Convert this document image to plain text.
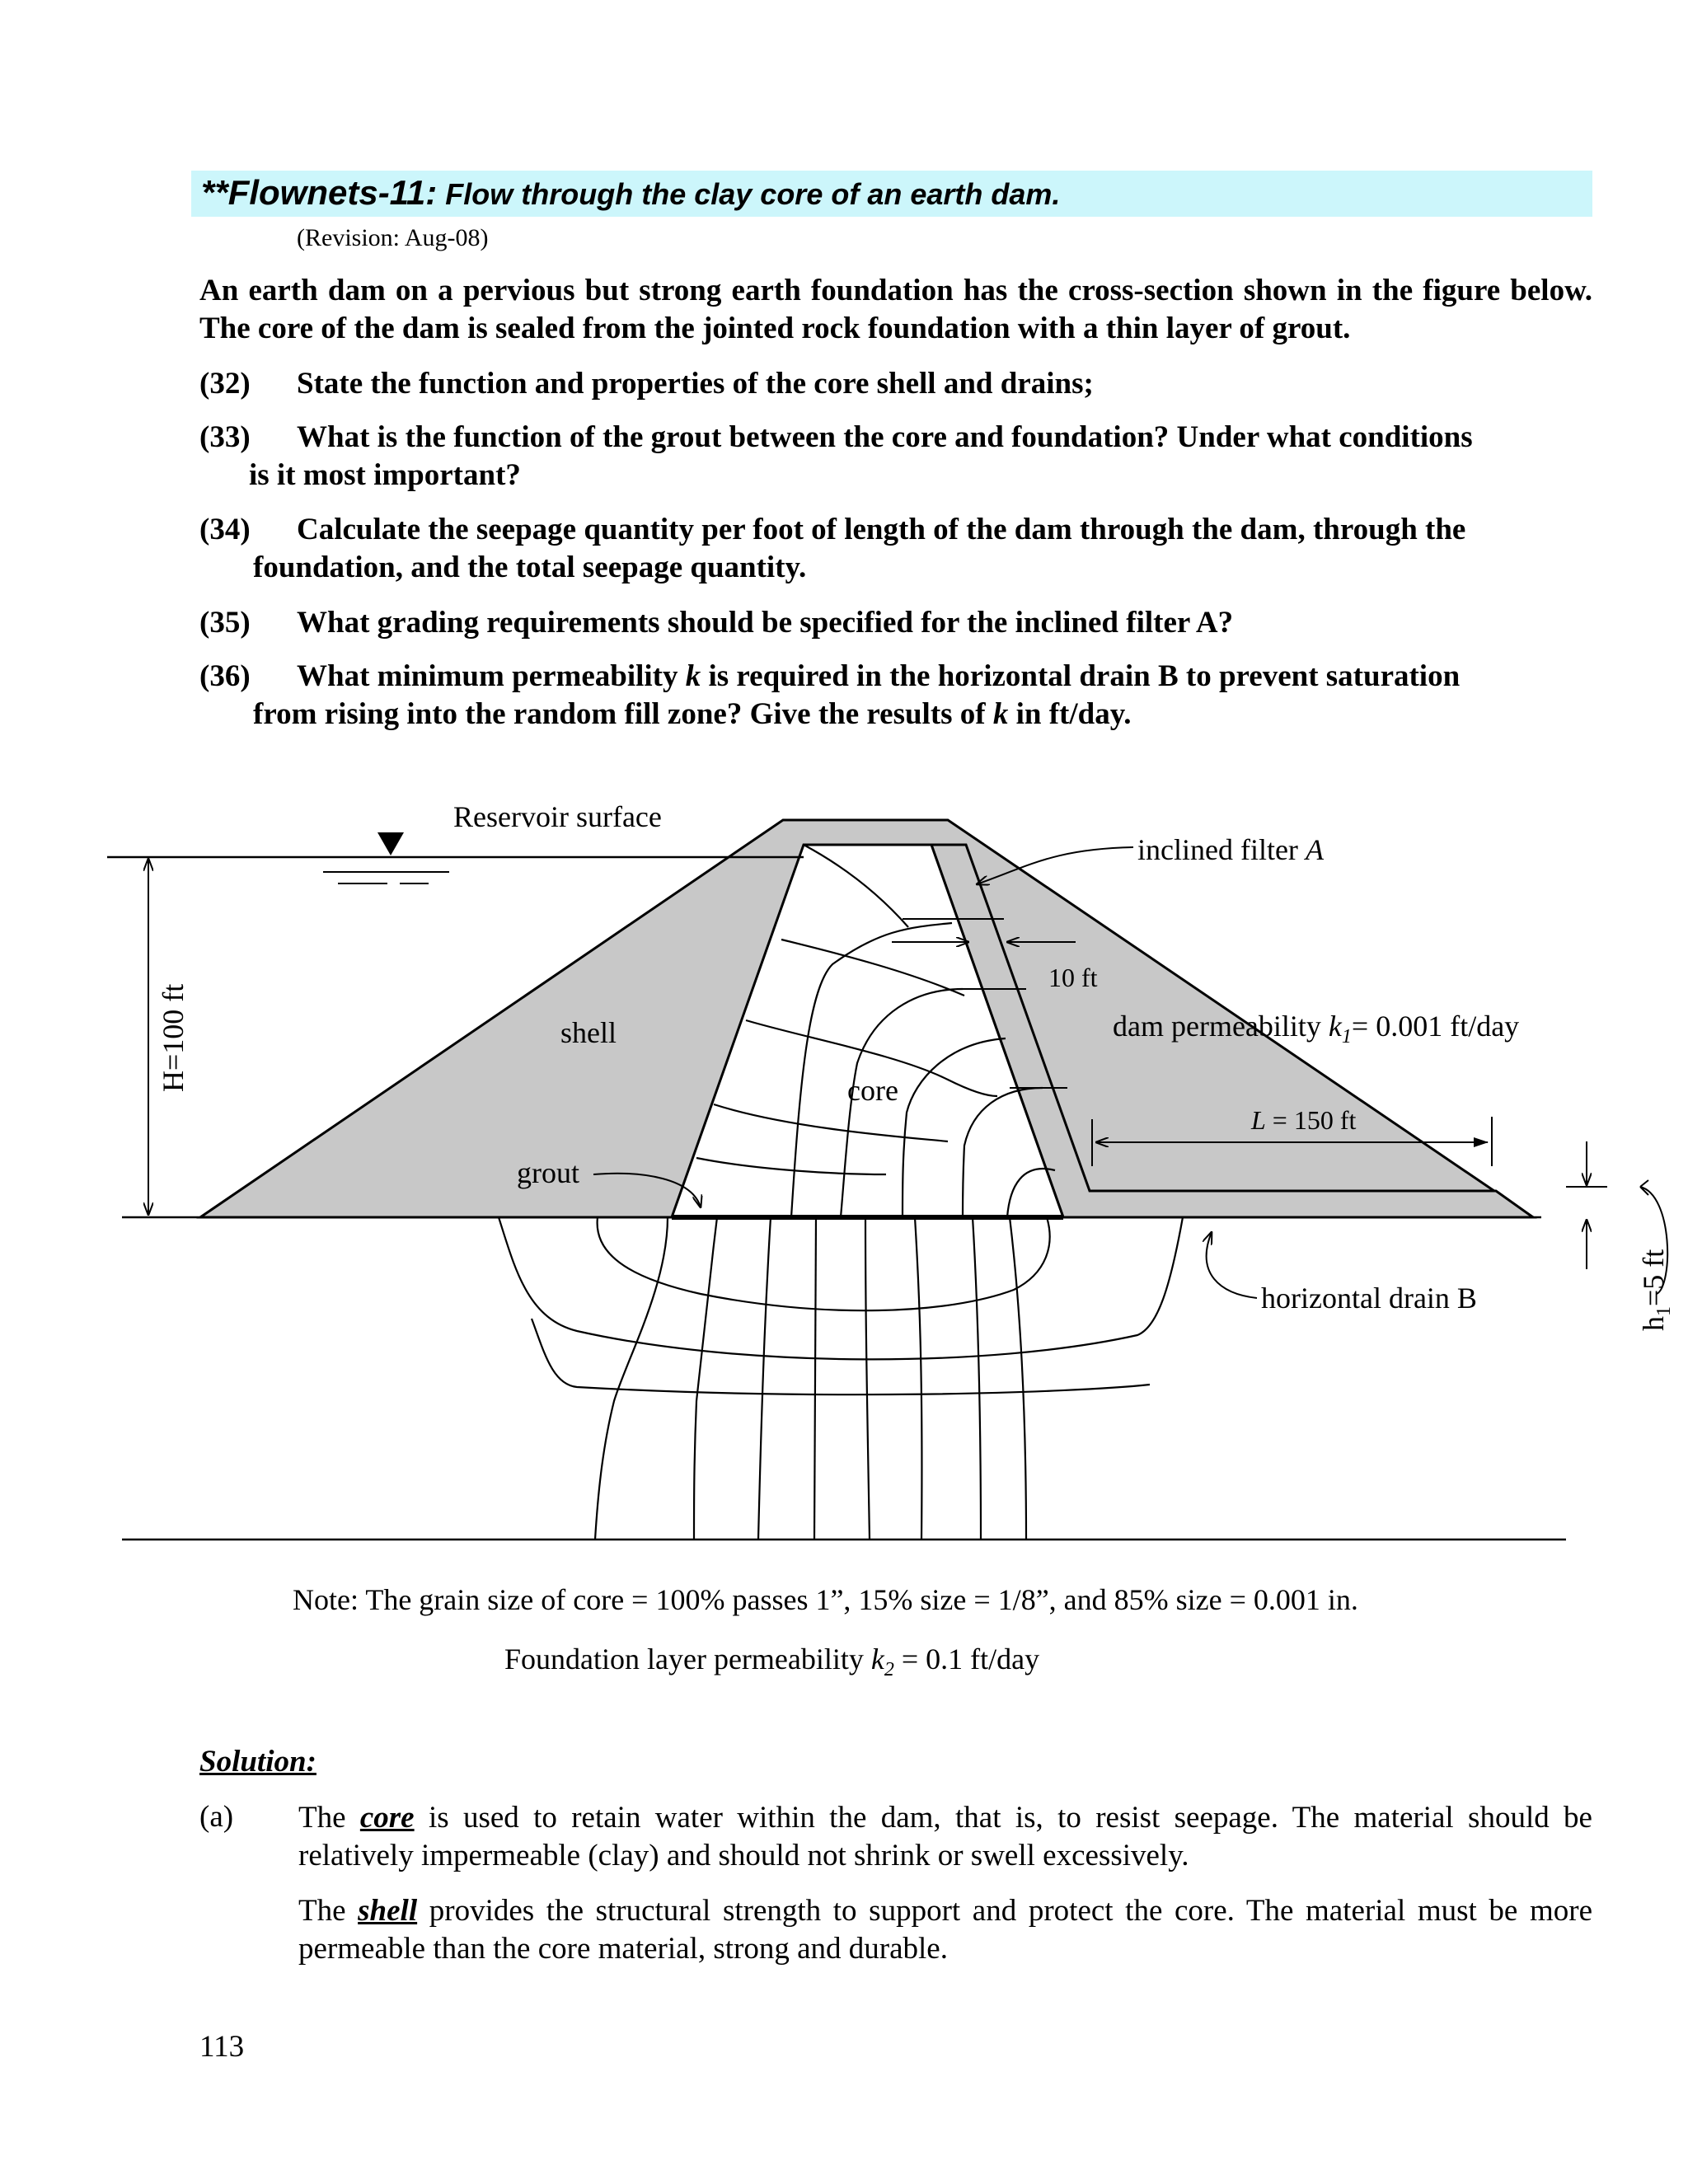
**Flownets-11: Flow through the clay core of an earth dam.
(Revision: Aug-08)
An earth dam on a pervious but strong earth foundation has the cross-section shown in the figure below. The core of the dam is sealed from the jointed rock foundation with a thin layer of grout.
(32) State the function and properties of the core shell and drains;
(33) What is the function of the grout between the core and foundation? Under what conditions
is it most important?
(34) Calculate the seepage quantity per foot of length of the dam through the dam, through the
foundation, and the total seepage quantity.
(35) What grading requirements should be specified for the inclined filter A?
(36) What minimum permeability k is required in the horizontal drain B to prevent saturation
from rising into the random fill zone? Give the results of k in ft/day.
Reservoir surface
shell
core
grout
inclined filter A
10 ft
dam permeability $k_1= 0.001$ ft/day
L = 150 ft
horizontal drain B
H=100 ft
$h_1=5$ ft
Note: The grain size of core = 100% passes 1”, 15% size = 1/8”, and 85% size = 0.001 in.
Foundation layer permeability $k_2 = 0.1$ ft/day
Solution:
(a) The core is used to retain water within the dam, that is, to resist seepage. The material should be relatively impermeable (clay) and should not shrink or swell excessively.
The shell provides the structural strength to support and protect the core. The material must be more permeable than the core material, strong and durable.
113
